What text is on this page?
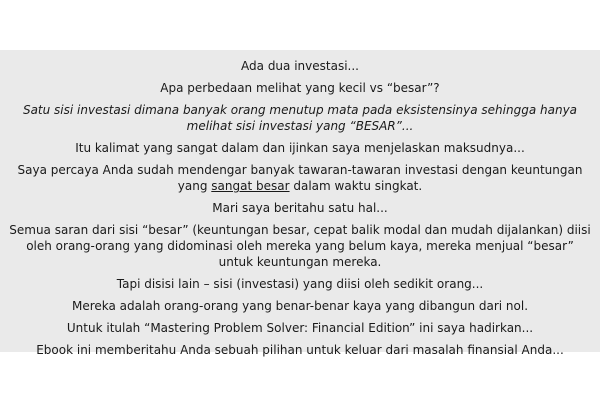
Ada dua investasi...

Apa perbedaan melihat yang kecil vs “besar”?

Satu sisi investasi dimana banyak orang menutup mata pada eksistensinya sehingga hanya melihat sisi investasi yang “BESAR”...

Itu kalimat yang sangat dalam dan ijinkan saya menjelaskan maksudnya...

Saya percaya Anda sudah mendengar banyak tawaran-tawaran investasi dengan keuntungan yang sangat besar dalam waktu singkat.

Mari saya beritahu satu hal...

Semua saran dari sisi “besar” (keuntungan besar, cepat balik modal dan mudah dijalankan) diisi oleh orang-orang yang didominasi oleh mereka yang belum kaya, mereka menjual “besar” untuk keuntungan mereka.

Tapi disisi lain – sisi (investasi) yang diisi oleh sedikit orang...

Mereka adalah orang-orang yang benar-benar kaya yang dibangun dari nol.

Untuk itulah “Mastering Problem Solver: Financial Edition” ini saya hadirkan...

Ebook ini memberitahu Anda sebuah pilihan untuk keluar dari masalah finansial Anda...
